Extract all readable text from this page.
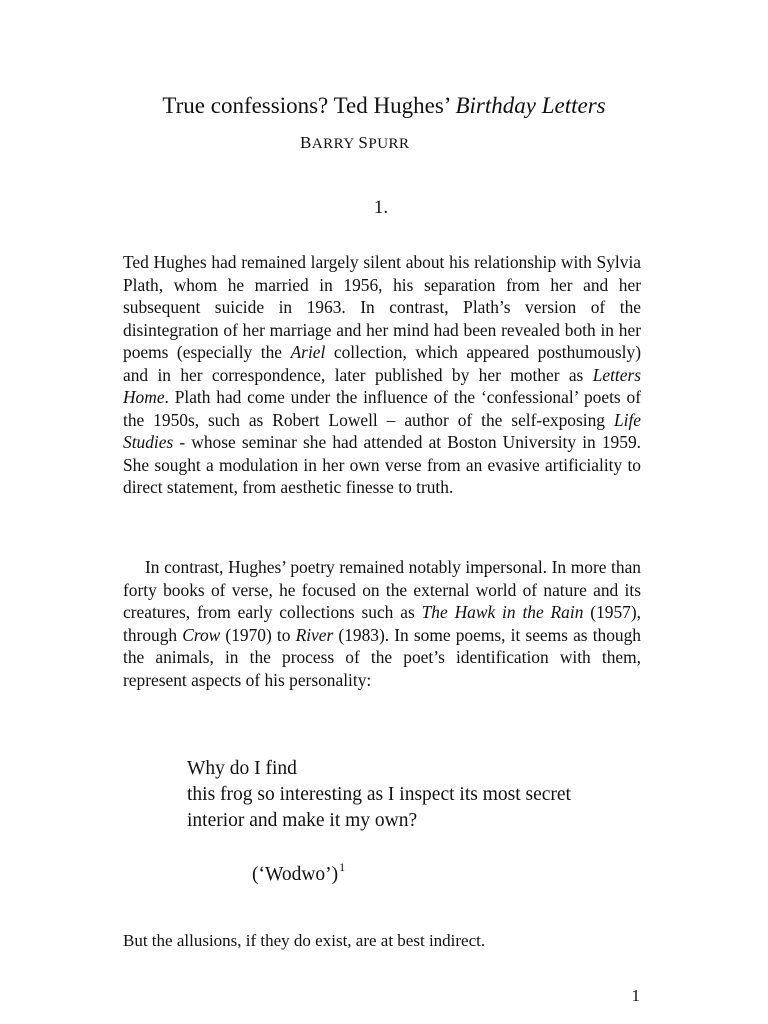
True confessions? Ted Hughes’ Birthday Letters
BARRY SPURR
1.

Ted Hughes had remained largely silent about his relationship with Sylvia Plath, whom he married in 1956, his separation from her and her subsequent suicide in 1963. In contrast, Plath’s version of the disintegration of her marriage and her mind had been revealed both in her poems (especially the Ariel collection, which appeared posthumously) and in her correspondence, later published by her mother as Letters Home. Plath had come under the influence of the ‘confessional’ poets of the 1950s, such as Robert Lowell – author of the self-exposing Life Studies - whose seminar she had attended at Boston University in 1959. She sought a modulation in her own verse from an evasive artificiality to direct statement, from aesthetic finesse to truth.

In contrast, Hughes’ poetry remained notably impersonal. In more than forty books of verse, he focused on the external world of nature and its creatures, from early collections such as The Hawk in the Rain (1957), through Crow (1970) to River (1983). In some poems, it seems as though the animals, in the process of the poet’s identification with them, represent aspects of his personality:

Why do I find
this frog so interesting as I inspect its most secret
interior and make it my own?
(‘Wodwo’)$^1$

But the allusions, if they do exist, are at best indirect.

1
